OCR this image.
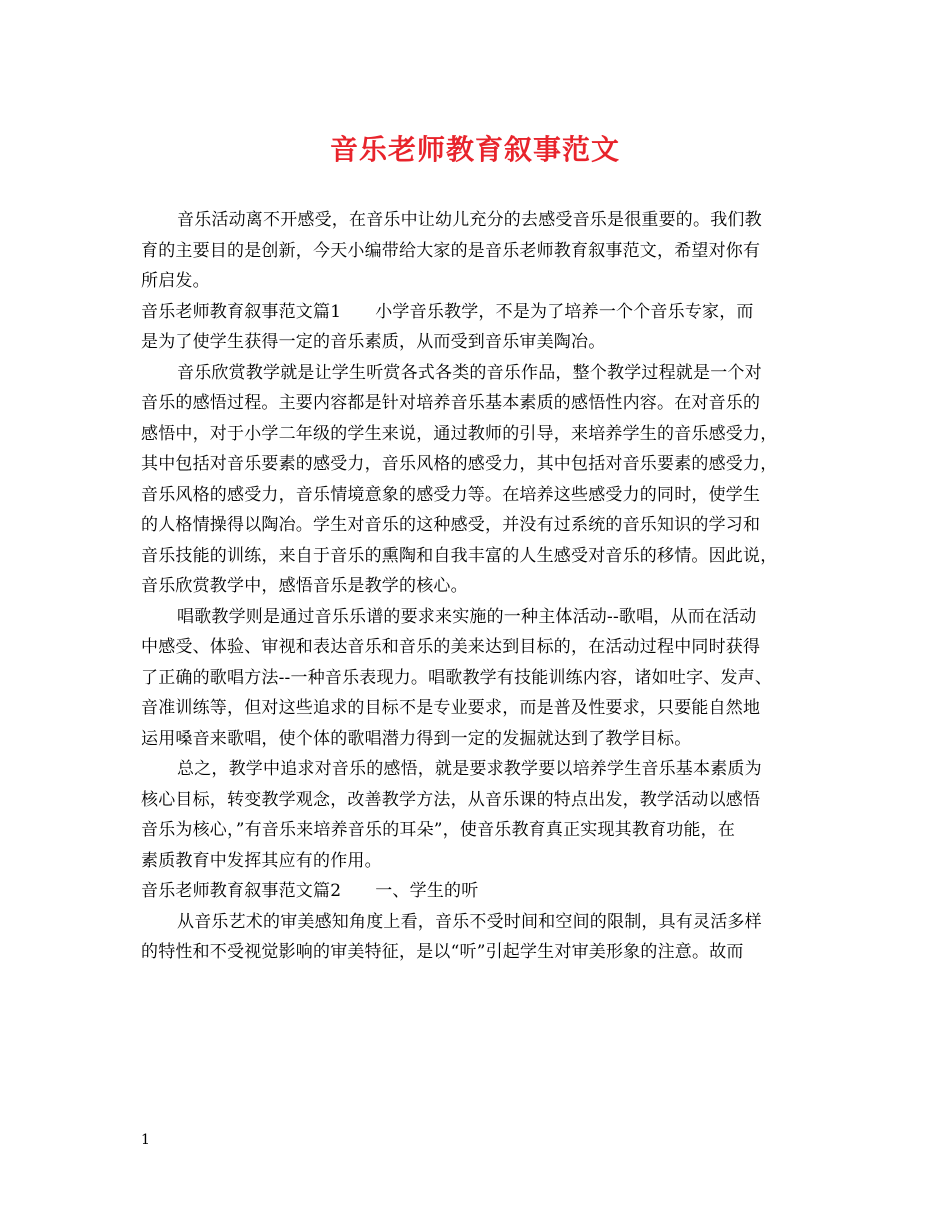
音乐老师教育叙事范文
音乐活动离不开感受，在音乐中让幼儿充分的去感受音乐是很重要的。我们教
育的主要目的是创新，今天小编带给大家的是音乐老师教育叙事范文，希望对你有
所启发。
音乐老师教育叙事范文篇1 小学音乐教学，不是为了培养一个个音乐专家，而
是为了使学生获得一定的音乐素质，从而受到音乐审美陶冶。
音乐欣赏教学就是让学生听赏各式各类的音乐作品，整个教学过程就是一个对
音乐的感悟过程。主要内容都是针对培养音乐基本素质的感悟性内容。在对音乐的
感悟中，对于小学二年级的学生来说，通过教师的引导，来培养学生的音乐感受力，
其中包括对音乐要素的感受力，音乐风格的感受力，其中包括对音乐要素的感受力，
音乐风格的感受力，音乐情境意象的感受力等。在培养这些感受力的同时，使学生
的人格情操得以陶冶。学生对音乐的这种感受，并没有过系统的音乐知识的学习和
音乐技能的训练，来自于音乐的熏陶和自我丰富的人生感受对音乐的移情。因此说，
音乐欣赏教学中，感悟音乐是教学的核心。
唱歌教学则是通过音乐乐谱的要求来实施的一种主体活动--歌唱，从而在活动
中感受、体验、审视和表达音乐和音乐的美来达到目标的，在活动过程中同时获得
了正确的歌唱方法--一种音乐表现力。唱歌教学有技能训练内容，诸如吐字、发声、
音准训练等，但对这些追求的目标不是专业要求，而是普及性要求，只要能自然地
运用嗓音来歌唱，使个体的歌唱潜力得到一定的发掘就达到了教学目标。
总之，教学中追求对音乐的感悟，就是要求教学要以培养学生音乐基本素质为
核心目标，转变教学观念，改善教学方法，从音乐课的特点出发，教学活动以感悟
音乐为核心，”有音乐来培养音乐的耳朵”，使音乐教育真正实现其教育功能，在
素质教育中发挥其应有的作用。
音乐老师教育叙事范文篇2 一、学生的听
从音乐艺术的审美感知角度上看，音乐不受时间和空间的限制，具有灵活多样
的特性和不受视觉影响的审美特征，是以“听”引起学生对审美形象的注意。故而
1
